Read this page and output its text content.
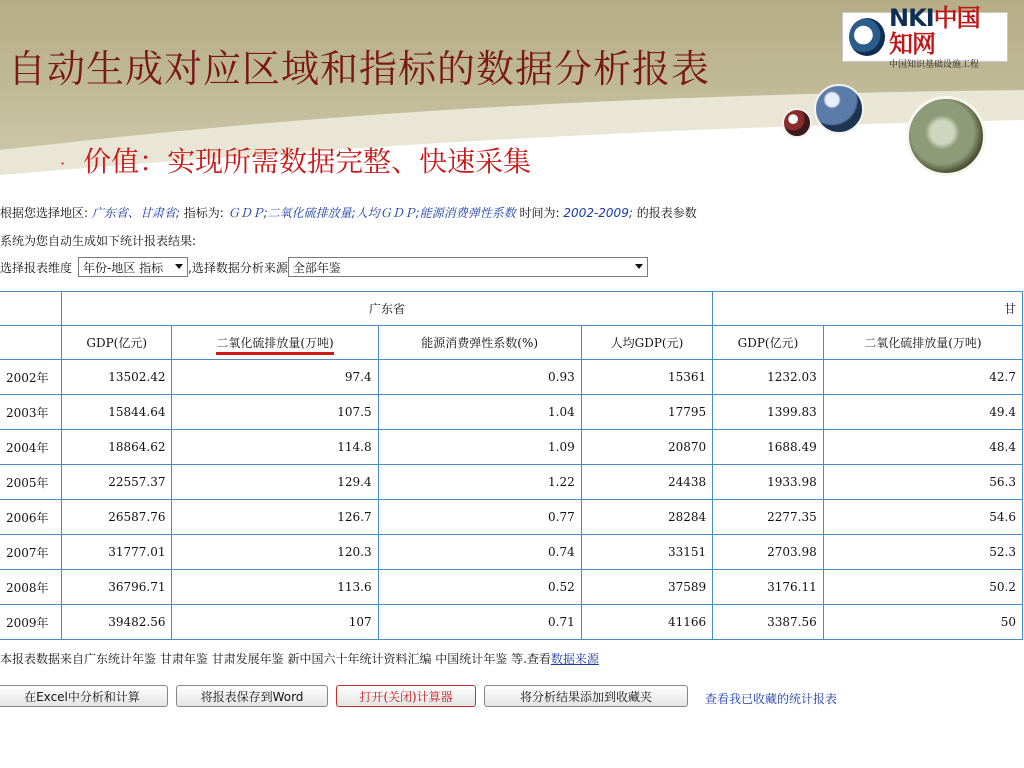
自动生成对应区域和指标的数据分析报表
NKI中国知网
中国知识基础设施工程
· 价值：实现所需数据完整、快速采集
根据您选择地区: 广东省、甘肃省; 指标为: ＧＤＰ;二氧化硫排放量;人均ＧＤＰ;能源消费弹性系数 时间为: 2002-2009; 的报表参数
系统为您自动生成如下统计报表结果:
选择报表维度 年份-地区 指标 ,选择数据分析来源 全部年鉴
	广东省				甘	
	GDP(亿元)	二氧化硫排放量(万吨)	能源消费弹性系数(%)	人均GDP(元)	GDP(亿元)	二氧化硫排放量(万吨)
2002年	13502.42	97.4	0.93	15361	1232.03	42.7
2003年	15844.64	107.5	1.04	17795	1399.83	49.4
2004年	18864.62	114.8	1.09	20870	1688.49	48.4
2005年	22557.37	129.4	1.22	24438	1933.98	56.3
2006年	26587.76	126.7	0.77	28284	2277.35	54.6
2007年	31777.01	120.3	0.74	33151	2703.98	52.3
2008年	36796.71	113.6	0.52	37589	3176.11	50.2
2009年	39482.56	107	0.71	41166	3387.56	50
本报表数据来自广东统计年鉴 甘肃年鉴 甘肃发展年鉴 新中国六十年统计资料汇编 中国统计年鉴 等.查看数据来源
在Excel中分析和计算	将报表保存到Word	打开(关闭)计算器	将分析结果添加到收藏夹	查看我已收藏的统计报表
